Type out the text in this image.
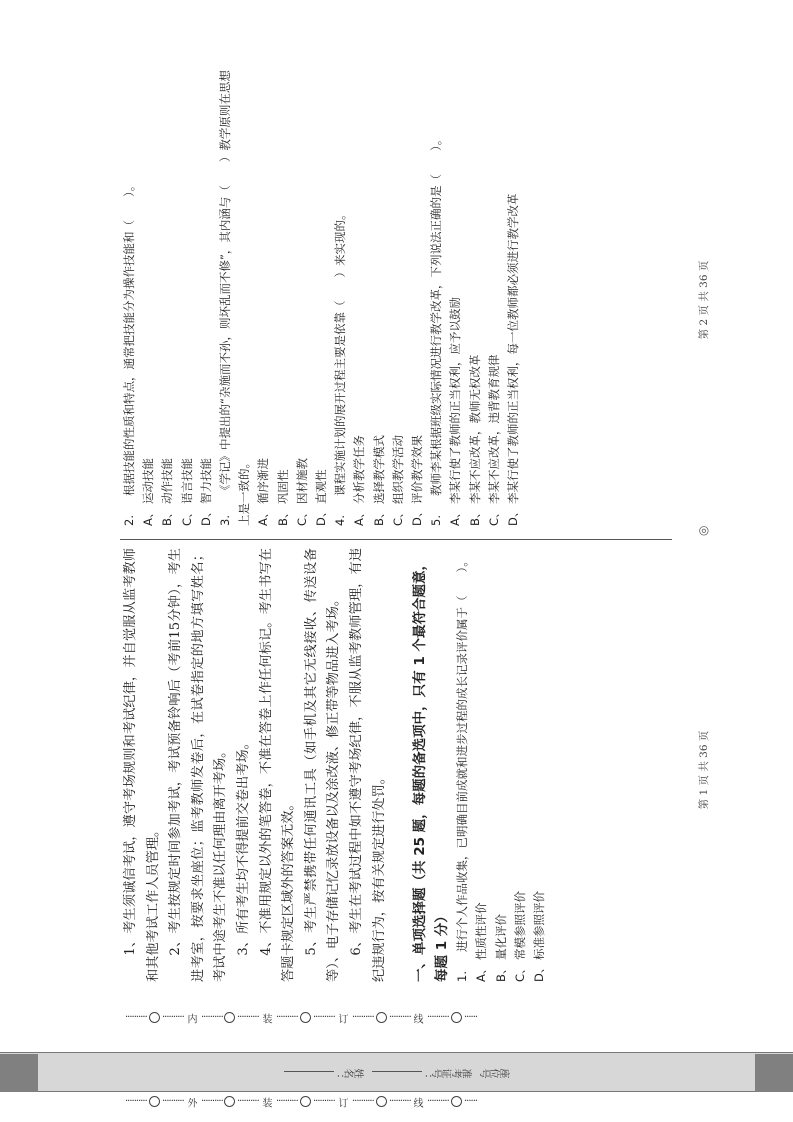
·········· ○ ·········· 外 ·········· ○ ·········· 装 ·········· ○ ·········· 订 ·········· ○ ·········· 线 ·········· ○ ······
姓名：	准考证号： 座位号
·········· ○ ·········· 内 ·········· ○ ·········· 装 ·········· ○ ·········· 订 ·········· ○ ·········· 线 ·········· ○ ······

1、考生须诚信考试，遵守考场规则和考试纪律，并自觉服从监考教师和其他考试工作人员管理。 2、考生按规定时间参加考试，考试预备铃响后（考前15分钟），考生进考室，按要求坐座位；监考教师发卷后，在试卷指定的地方填写姓名；考试中途考生不准以任何理由离开考场。 3、所有考生均不得提前交卷出考场。 4、不准用规定以外的笔答卷，不准在答卷上作任何标记。考生书写在答题卡规定区域外的答案无效。 5、考生严禁携带任何通讯工具（如手机及其它无线接收、传送设备等）、电子存储记忆录放设备以及涂改液、修正带等物品进入考场。 6、考生在考试过程中如不遵守考场纪律，不服从监考教师管理，有违纪违规行为，按有关规定进行处罚。	一、单项选择题（共 25 题，每题的备选项中，只有 1 个最符合题意，每题 1 分） 1.进行个人作品收集，已明确目前成就和进步过程的成长记录评价属于（　　）。

A、性质性评价

B、量化评价

C、常模参照评价

D、标准参照评价

第 1 页 共 36 页
◎

2.根据技能的性质和特点，通常把技能分为操作技能和（　　）。

A、运动技能

B、动作技能

C、语言技能

D、智力技能

3.《学记》中提出的“杂施而不孙，则坏乱而不修”，其内涵与（　　）教学原则在思想上是一致的。 A、循序渐进

B、巩固性

C、因材施教

D、直观性

4.课程实施计划的展开过程主要是依靠（　　）来实现的。

A、分析教学任务

B、选择教学模式

C、组织教学活动

D、评价教学效果

5.教师李某根据班级实际情况进行教学改革，下列说法正确的是（　　）。

A、李某行使了教师的正当权利，应予以鼓励

B、李某不应改革，教师无权改革

C、李某不应改革，违背教育规律

D、李某行使了教师的正当权利，每一位教师都必须进行教学改革	第 2 页 共 36 页
